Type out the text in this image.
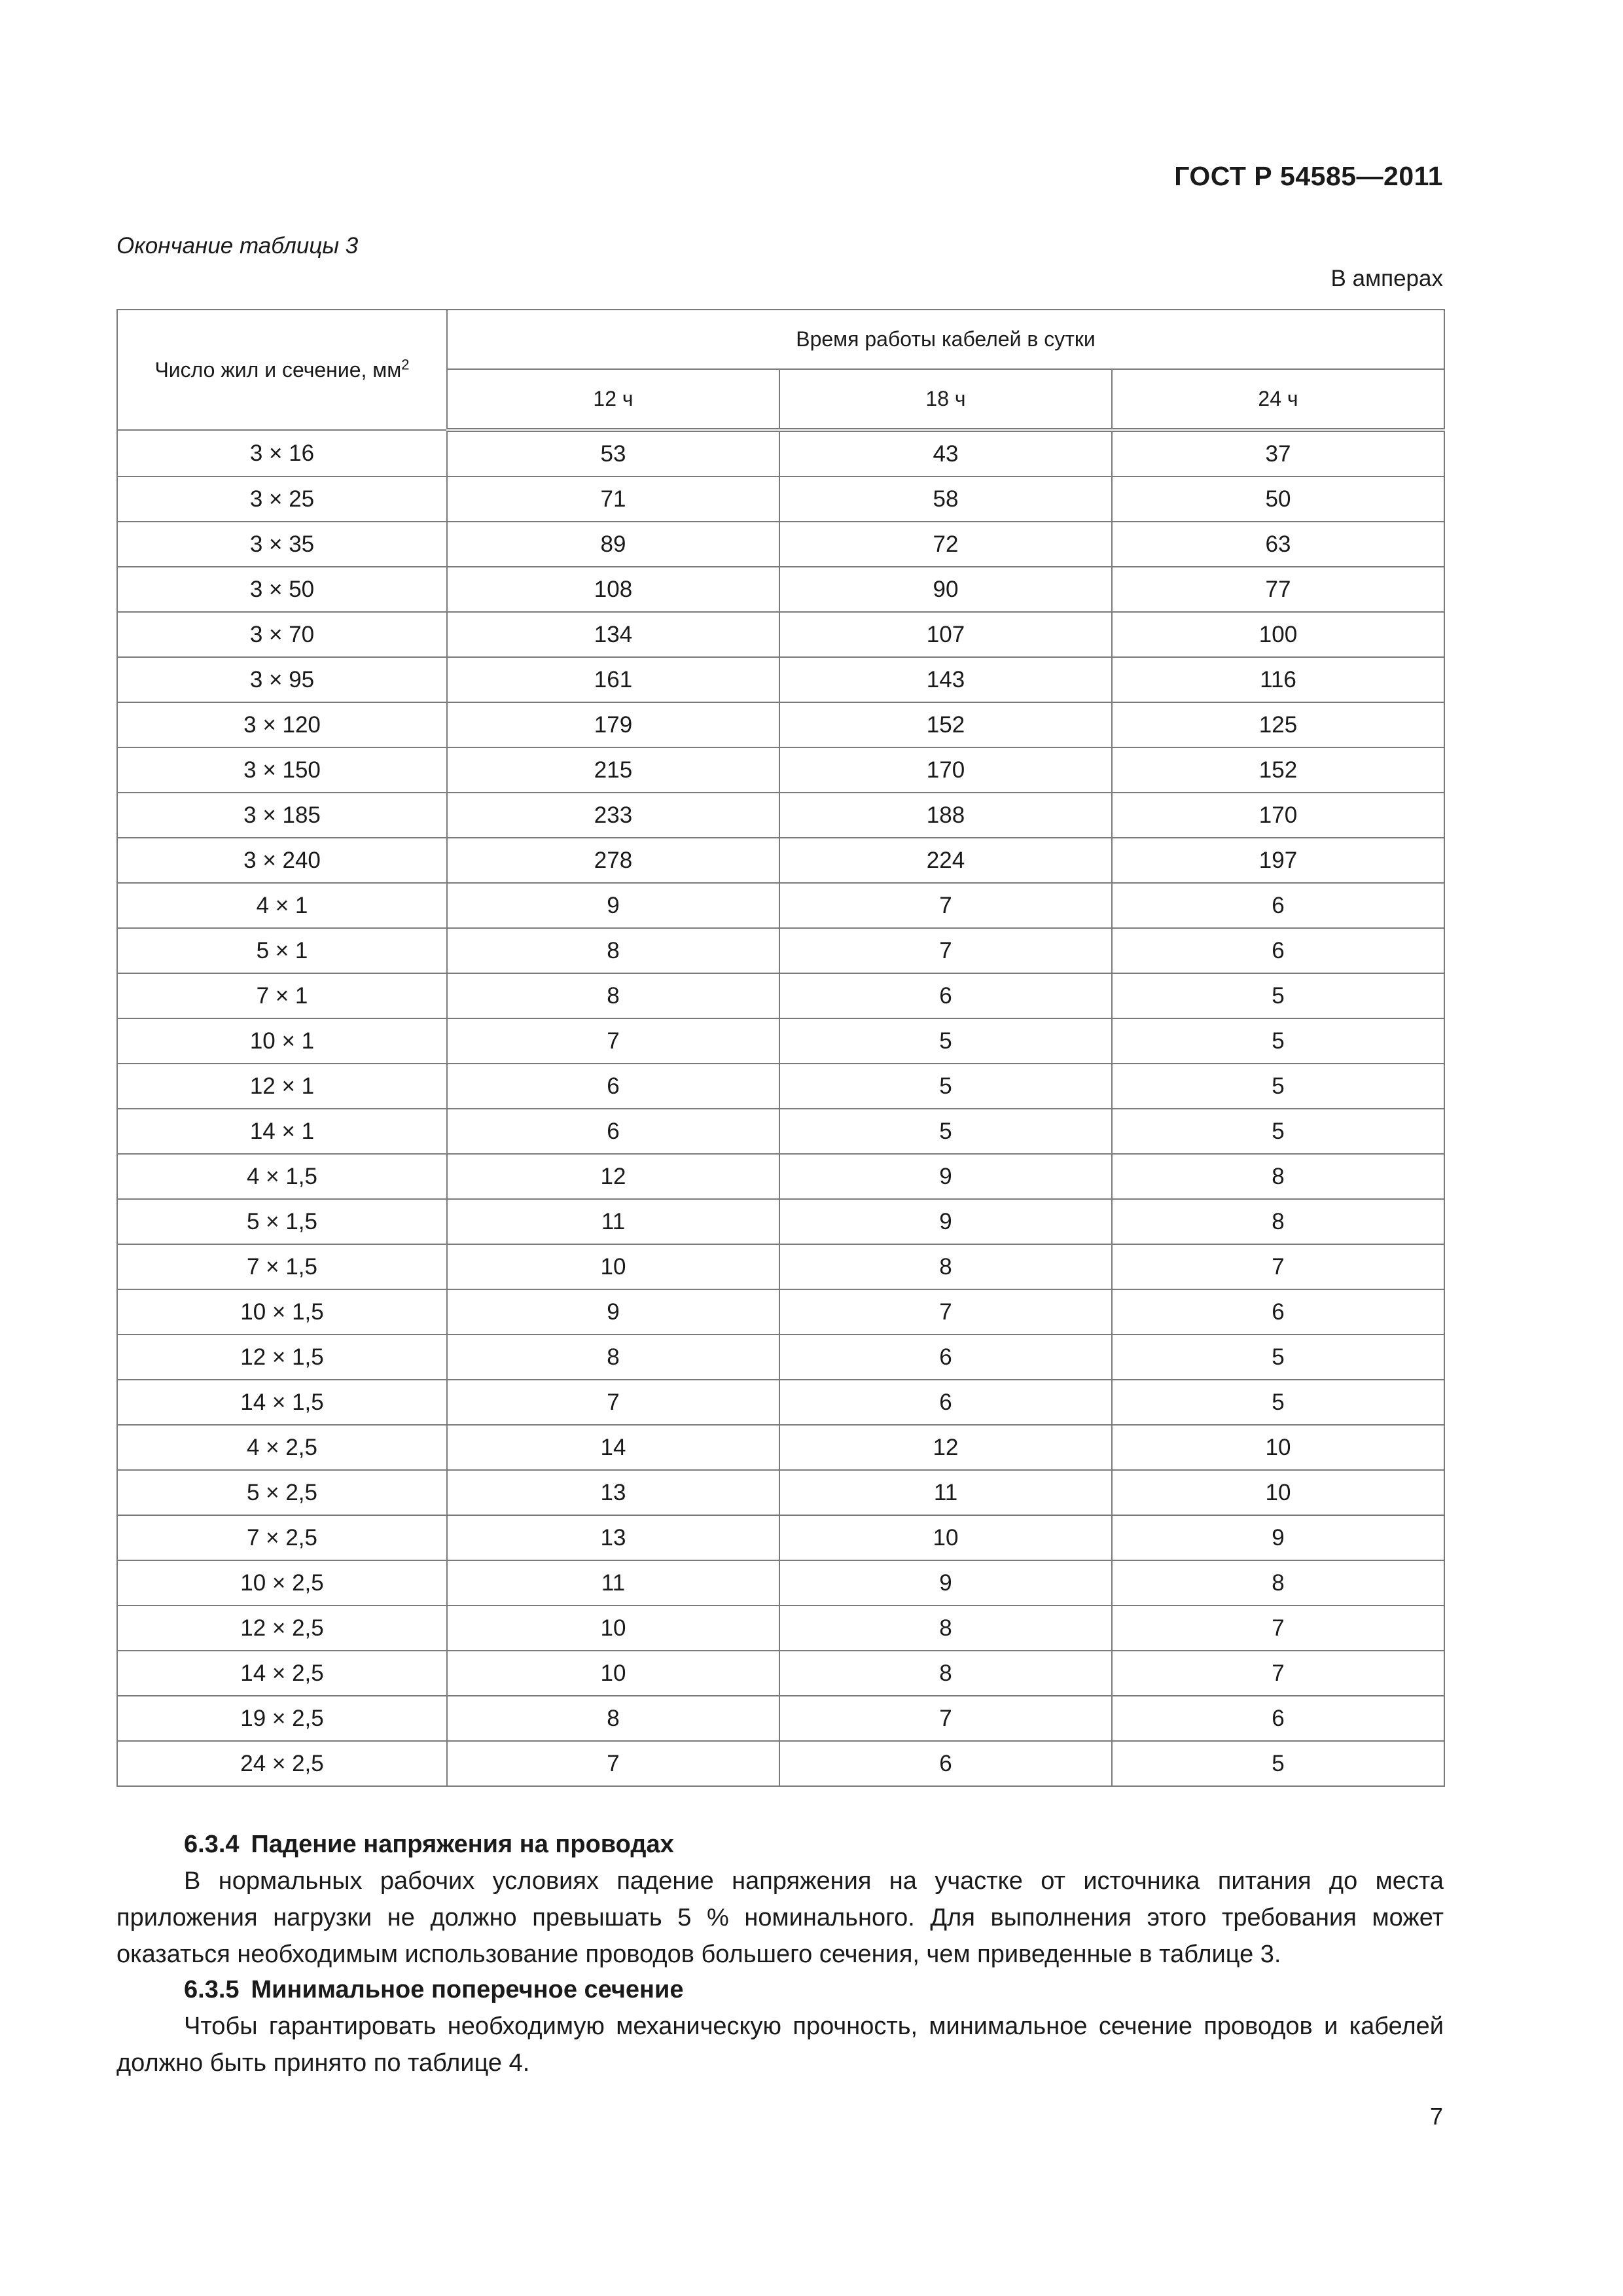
ГОСТ Р 54585—2011
Окончание таблицы 3
В амперах
Число жил и сечение, $мм^2$	Время работы кабелей в сутки		
	12 ч	18 ч	24 ч
3 × 16	53	43	37
3 × 25	71	58	50
3 × 35	89	72	63
3 × 50	108	90	77
3 × 70	134	107	100
3 × 95	161	143	116
3 × 120	179	152	125
3 × 150	215	170	152
3 × 185	233	188	170
3 × 240	278	224	197
4 × 1	9	7	6
5 × 1	8	7	6
7 × 1	8	6	5
10 × 1	7	5	5
12 × 1	6	5	5
14 × 1	6	5	5
4 × 1,5	12	9	8
5 × 1,5	11	9	8
7 × 1,5	10	8	7
10 × 1,5	9	7	6
12 × 1,5	8	6	5
14 × 1,5	7	6	5
4 × 2,5	14	12	10
5 × 2,5	13	11	10
7 × 2,5	13	10	9
10 × 2,5	11	9	8
12 × 2,5	10	8	7
14 × 2,5	10	8	7
19 × 2,5	8	7	6
24 × 2,5	7	6	5
6.3.4 Падение напряжения на проводах

В нормальных рабочих условиях падение напряжения на участке от источника питания до места приложения нагрузки не должно превышать 5 % номинального. Для выполнения этого требования может оказаться необходимым использование проводов большего сечения, чем приведенные в таблице 3.

6.3.5 Минимальное поперечное сечение

Чтобы гарантировать необходимую механическую прочность, минимальное сечение проводов и кабелей должно быть принято по таблице 4.

7
